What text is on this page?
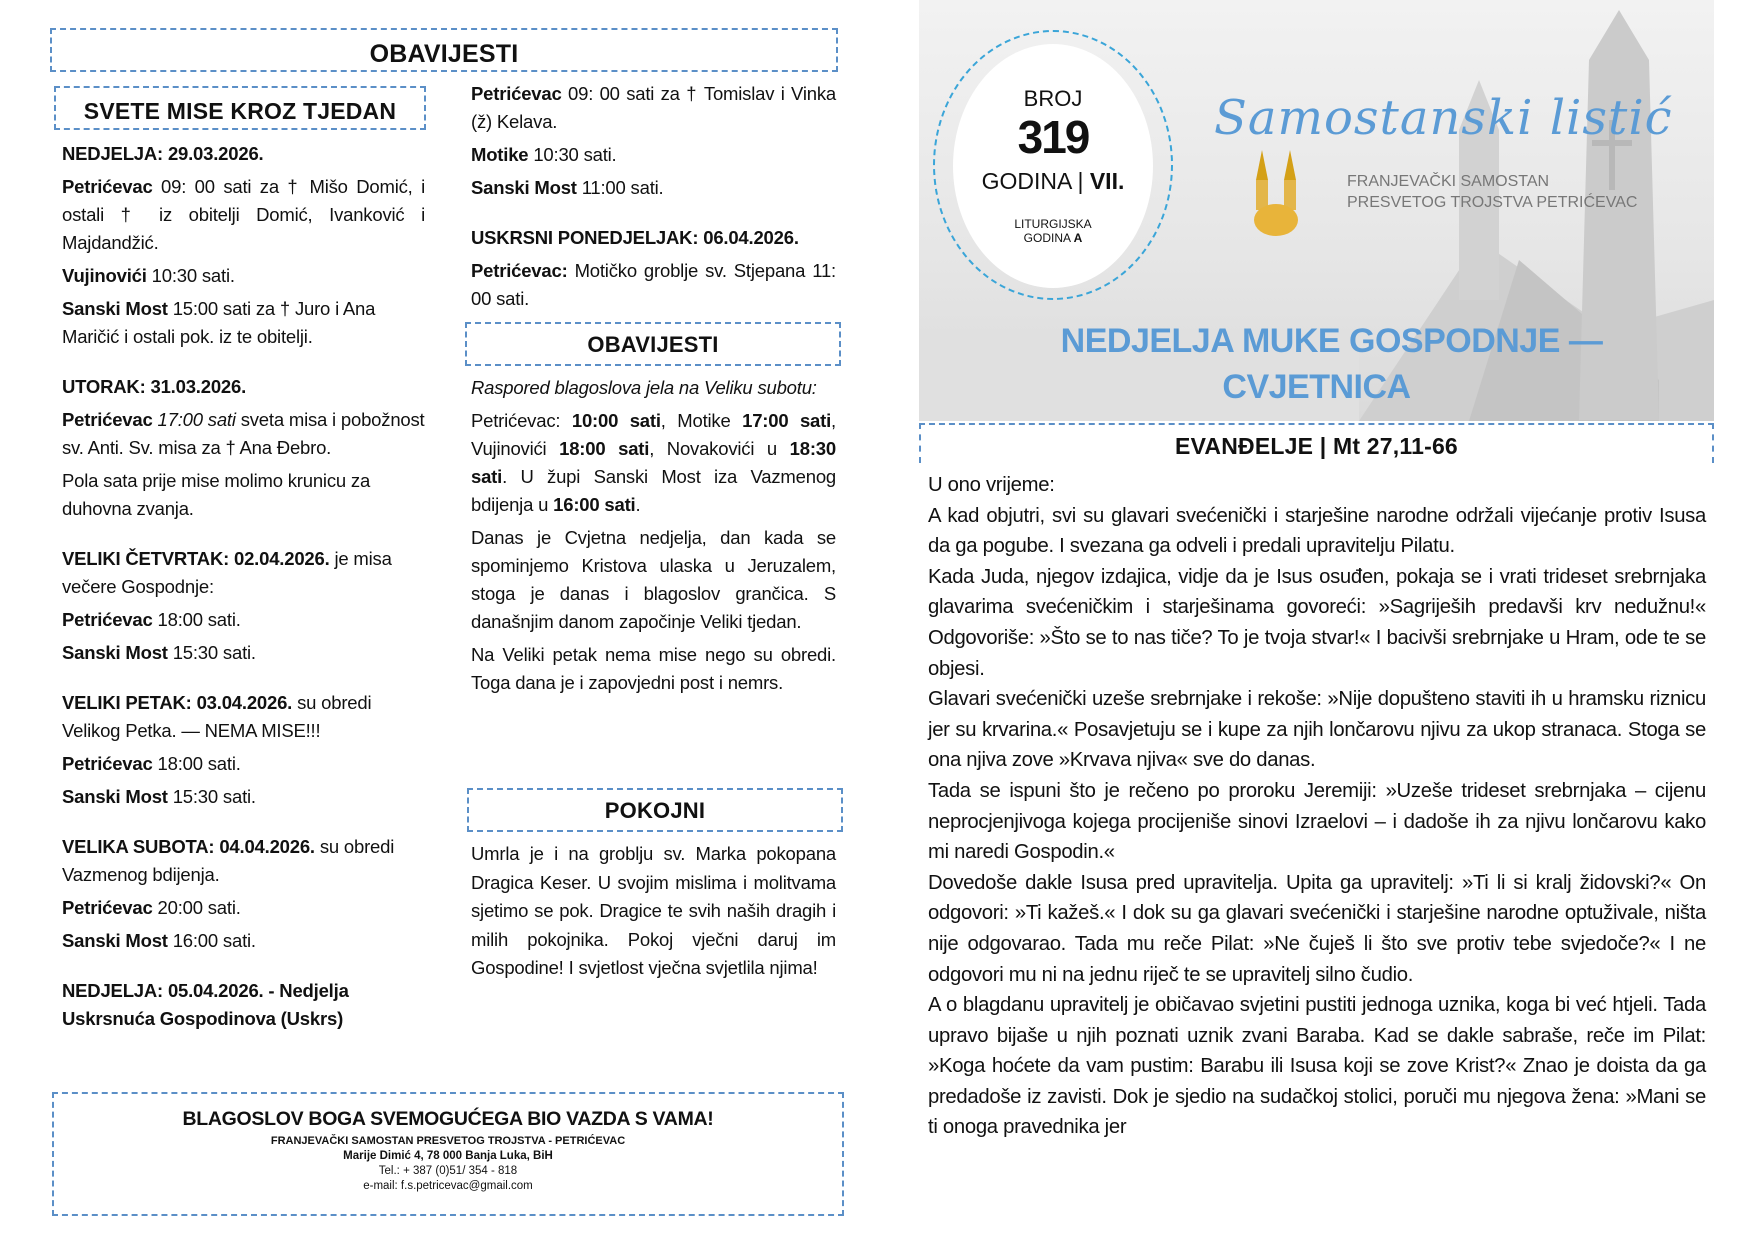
OBAVIJESTI
SVETE MISE KROZ TJEDAN

NEDJELJA: 29.03.2026.

Petrićevac 09: 00 sati za † Mišo Domić, i ostali † iz obitelji Domić, Ivanković i Majdandžić.

Vujinovići 10:30 sati.

Sanski Most 15:00 sati za † Juro i Ana Maričić i ostali pok. iz te obitelji.

UTORAK: 31.03.2026.

Petrićevac 17:00 sati sveta misa i pobožnost sv. Anti. Sv. misa za † Ana Đebro.

Pola sata prije mise molimo krunicu za duhovna zvanja.

VELIKI ČETVRTAK: 02.04.2026. je misa večere Gospodnje:

Petrićevac 18:00 sati.

Sanski Most 15:30 sati.

VELIKI PETAK: 03.04.2026. su obredi Velikog Petka. — NEMA MISE!!!

Petrićevac 18:00 sati.

Sanski Most 15:30 sati.

VELIKA SUBOTA: 04.04.2026. su obredi Vazmenog bdijenja.

Petrićevac 20:00 sati.

Sanski Most 16:00 sati.

NEDJELJA: 05.04.2026. - Nedjelja Uskrsnuća Gospodinova (Uskrs)

Petrićevac 09: 00 sati za † Tomislav i Vinka (ž) Kelava.

Motike 10:30 sati.

Sanski Most 11:00 sati.

USKRSNI PONEDJELJAK: 06.04.2026.

Petrićevac: Motičko groblje sv. Stjepana 11: 00 sati.

OBAVIJESTI

Raspored blagoslova jela na Veliku subotu:

Petrićevac: 10:00 sati, Motike 17:00 sati, Vujinovići 18:00 sati, Novakovići u 18:30 sati. U župi Sanski Most iza Vazmenog bdijenja u 16:00 sati.

Danas je Cvjetna nedjelja, dan kada se spominjemo Kristova ulaska u Jeruzalem, stoga je danas i blagoslov grančica. S današnjim danom započinje Veliki tjedan.

Na Veliki petak nema mise nego su obredi. Toga dana je i zapovjedni post i nemrs.

POKOJNI

Umrla je i na groblju sv. Marka pokopana Dragica Keser. U svojim mislima i molitvama sjetimo se pok. Dragice te svih naših dragih i milih pokojnika. Pokoj vječni daruj im Gospodine! I svjetlost vječna svjetlila njima!

BLAGOSLOV BOGA SVEMOGUĆEGA BIO VAZDA S VAMA!
FRANJEVAČKI SAMOSTAN PRESVETOG TROJSTVA - PETRIĆEVAC
Marije Dimić 4, 78 000 Banja Luka, BiH
Tel.: + 387 (0)51/ 354 - 818
e-mail: f.s.petricevac@gmail.com
BROJ
319
GODINA | VII.
LITURGIJSKA
GODINA A
Samostanski listić
FRANJEVAČKI SAMOSTAN
PRESVETOG TROJSTVA PETRIĆEVAC
NEDJELJA MUKE GOSPODNJE —
CVJETNICA
EVANĐELJE | Mt 27,11-66

U ono vrijeme:

A kad objutri, svi su glavari svećenički i starješine narodne održali vijećanje protiv Isusa da ga pogube. I svezana ga odveli i predali upravitelju Pilatu.

Kada Juda, njegov izdajica, vidje da je Isus osuđen, pokaja se i vrati trideset srebrnjaka glavarima svećeničkim i starješinama govoreći: »Sagriješih predavši krv nedužnu!« Odgovoriše: »Što se to nas tiče? To je tvoja stvar!« I bacivši srebrnjake u Hram, ode te se objesi.

Glavari svećenički uzeše srebrnjake i rekoše: »Nije dopušteno staviti ih u hramsku riznicu jer su krvarina.« Posavjetuju se i kupe za njih lončarovu njivu za ukop stranaca. Stoga se ona njiva zove »Krvava njiva« sve do danas.

Tada se ispuni što je rečeno po proroku Jeremiji: »Uzeše trideset srebrnjaka – cijenu neprocjenjivoga kojega procijeniše sinovi Izraelovi – i dadoše ih za njivu lončarovu kako mi naredi Gospodin.«

Dovedoše dakle Isusa pred upravitelja. Upita ga upravitelj: »Ti li si kralj židovski?« On odgovori: »Ti kažeš.« I dok su ga glavari svećenički i starješine narodne optuživale, ništa nije odgovarao. Tada mu reče Pilat: »Ne čuješ li što sve protiv tebe svjedoče?« I ne odgovori mu ni na jednu riječ te se upravitelj silno čudio.

A o blagdanu upravitelj je običavao svjetini pustiti jednoga uznika, koga bi već htjeli. Tada upravo bijaše u njih poznati uznik zvani Baraba. Kad se dakle sabraše, reče im Pilat: »Koga hoćete da vam pustim: Barabu ili Isusa koji se zove Krist?« Znao je doista da ga predadoše iz zavisti. Dok je sjedio na sudačkoj stolici, poruči mu njegova žena: »Mani se ti onoga pravednika jer
